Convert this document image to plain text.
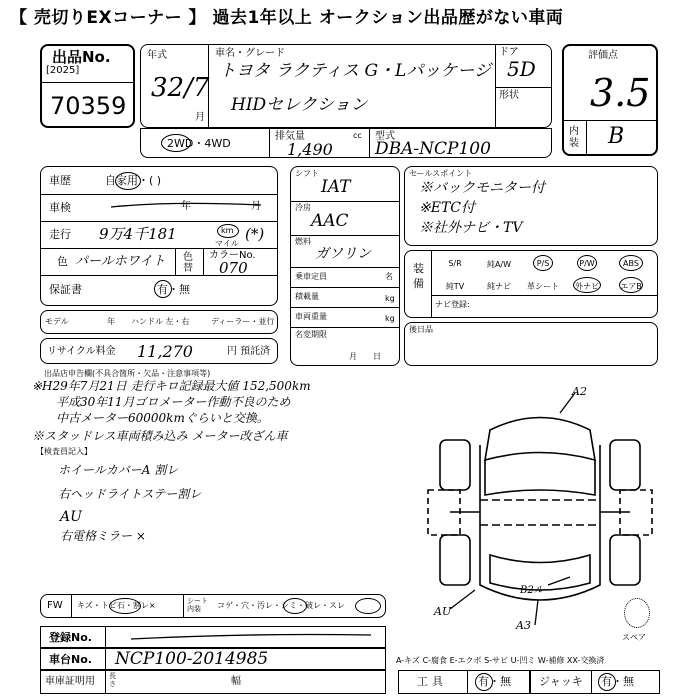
【 売切りEXコーナー 】 過去1年以上 オークション出品歴がない車両
出品No.
[2025]
70359
年式
32/7
月
車名・グレード
トヨタ ラクティス G・Lパッケージ
HIDセレクション
ドア
5D
形状
評価点
3.5
内装 B
2WD・4WD
排気量	cc
1,490
型式
DBA-NCP100
車歴	自家用・( )
車検	年	月
走行 9万4千181	km
マイル
(*)
色 パールホワイト 色替
カラーNo.
070
保証書	有・無
モデル	年 ハンドル 左・右	ディーラー・並行
リサイクル料金 11,270	円 預託済
シフト
IAT
冷房
AAC
燃料
ガソリン
乗車定員	名
積載量	kg
車両重量	kg
名変期限
月日
セールスポイント
※バックモニター付
※ETC付
※社外ナビ・TV
装備
S/R	純A/W	P/S	P/W	ABS
純TV	純ナビ	革シート	外ナビ	エアB
ナビ登録:
後日品
出品店申告欄(不具合箇所・欠品・注意事項等)
※H29年7月21日 走行キロ記録最大値 152,500km
平成30年11月ゴロメーター作動不良のため
中古メーター60000kmぐらいと交換。
※スタッドレス車両積み込み メーター改ざん車
【検査員記入】
ホイールカバーA 割レ
右ヘッドライトステー割レ
AU
右電格ミラー ×
A2
AU
A3
B2ル
スペア
FW キズ・トビ石・割レ×	シート内装	コゲ・穴・汚レ・シミ・破レ・スレ
登録No.
車台No. NCP100-2014985
車庫証明用 長さ	幅
A-キズ C-腐食 E-エクボ S-サビ U-凹ミ W-補修 XX-交換済
工具	有・無	ジャッキ 有・無
